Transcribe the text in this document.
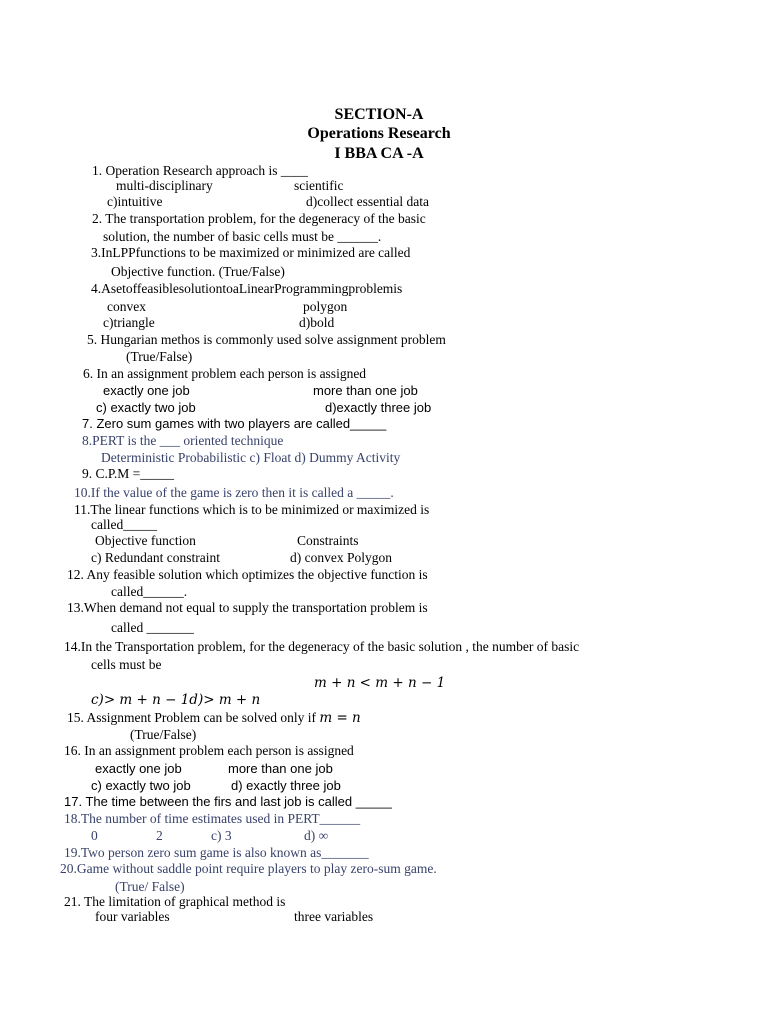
SECTION-A
Operations Research
I BBA CA -A
1. Operation Research approach is ____
multi-disciplinary	scientific
c)intuitive	d)collect essential data
2. The transportation problem, for the degeneracy of the basic
solution, the number of basic cells must be ______.
3.InLPPfunctions to be maximized or minimized are called
Objective function. (True/False)
4.AsetoffeasiblesolutiontoaLinearProgrammingproblemis
convex	polygon
c)triangle	d)bold
5. Hungarian methos is commonly used solve assignment problem
(True/False)
6. In an assignment problem each person is assigned
exactly one job	more than one job
c) exactly two job	d)exactly three job
7. Zero sum games with two players are called_____
8.PERT is the ___ oriented technique
Deterministic Probabilistic c) Float d) Dummy Activity
9. C.P.M =_____
10.If the value of the game is zero then it is called a _____.
11.The linear functions which is to be minimized or maximized is
called_____
Objective function	Constraints
c) Redundant constraint	d) convex Polygon
12. Any feasible solution which optimizes the objective function is
called______.
13.When demand not equal to supply the transportation problem is
called _______
14.In the Transportation problem, for the degeneracy of the basic solution , the number of basic
cells must be
m + n < m + n − 1
c)> m + n − 1d)> m + n
15. Assignment Problem can be solved only if m = n
(True/False)
16. In an assignment problem each person is assigned
exactly one job	more than one job
c) exactly two job	d) exactly three job
17. The time between the firs and last job is called _____
18.The number of time estimates used in PERT______
0	2	c) 3	d) ∞
19.Two person zero sum game is also known as_______
20.Game without saddle point require players to play zero-sum game.
(True/ False)
21. The limitation of graphical method is
four variables	three variables
